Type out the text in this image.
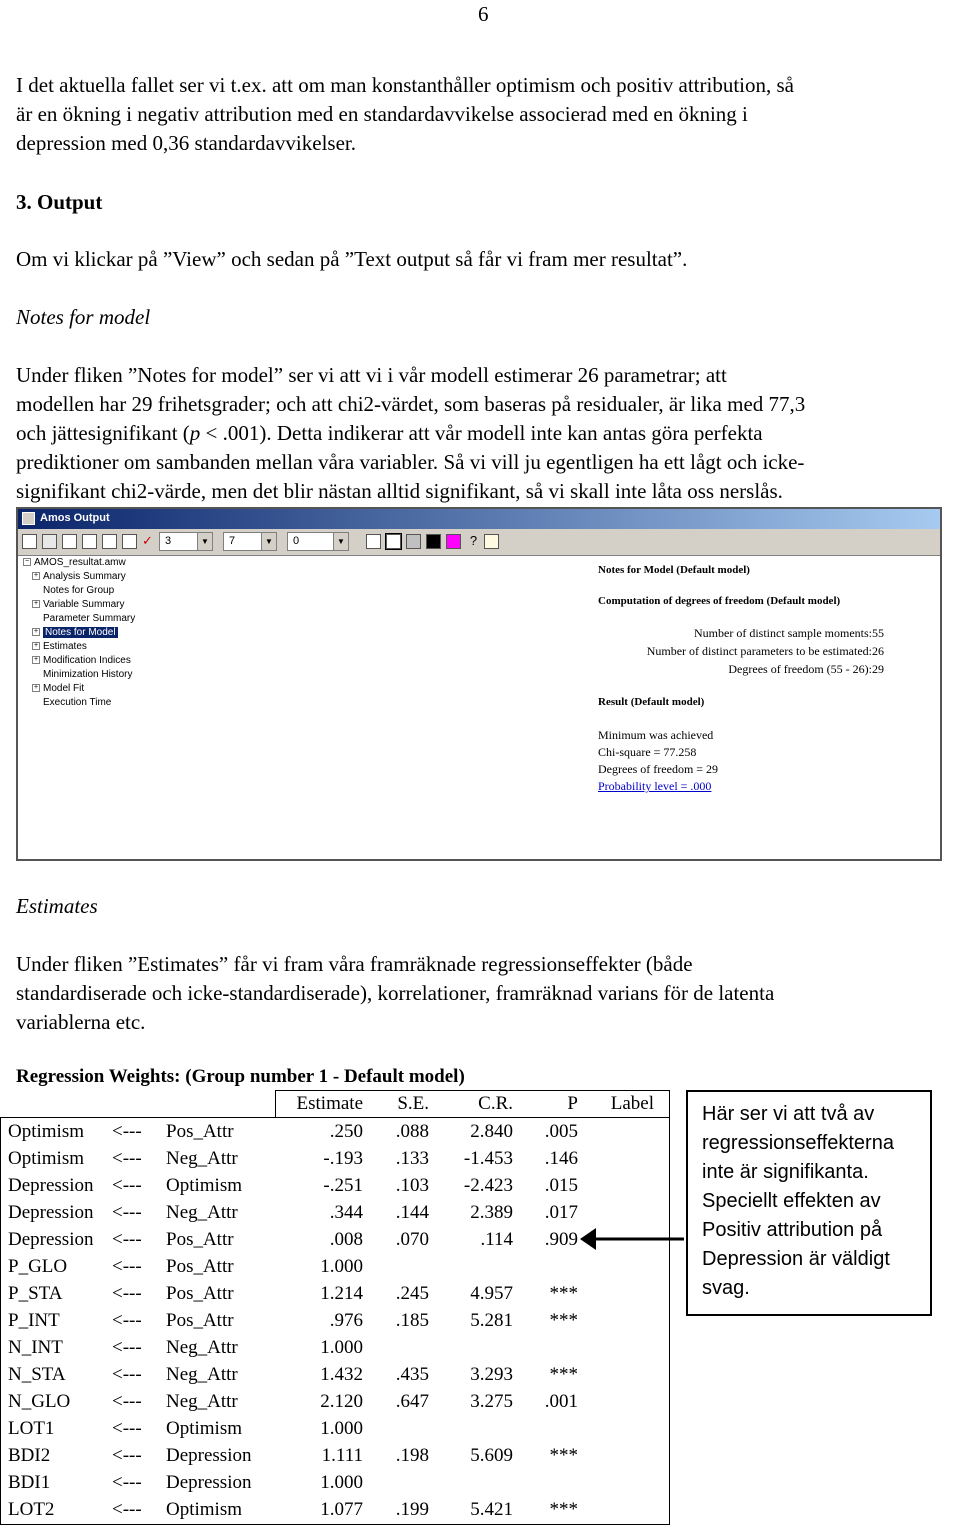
6
I det aktuella fallet ser vi t.ex. att om man konstanthåller optimism och positiv attribution, så
är en ökning i negativ attribution med en standardavvikelse associerad med en ökning i
depression med 0,36 standardavvikelser.
3. Output
Om vi klickar på ”View” och sedan på ”Text output så får vi fram mer resultat”.
Notes for model
Under fliken ”Notes for model” ser vi att vi i vår modell estimerar 26 parametrar; att
modellen har 29 frihetsgrader; och att chi2-värdet, som baseras på residualer, är lika med 77,3
och jättesignifikant (p < .001). Detta indikerar att vår modell inte kan antas göra perfekta
prediktioner om sambanden mellan våra variabler. Så vi vill ju egentligen ha ett lågt och icke-
signifikant chi2-värde, men det blir nästan alltid signifikant, så vi skall inte låta oss nerslås.
Amos Output
✓	3	▼	7	▼	0	▼	?
− AMOS_resultat.amw
+ Analysis Summary
Notes for Group
+ Variable Summary
Parameter Summary
+ Notes for Model
+ Estimates
+ Modification Indices
Minimization History
+ Model Fit
Execution Time
Notes for Model (Default model)
Computation of degrees of freedom (Default model)
Number of distinct sample moments: 55
Number of distinct parameters to be estimated: 26
Degrees of freedom (55 - 26): 29
Result (Default model)
Minimum was achieved
Chi-square = 77.258
Degrees of freedom = 29
Probability level = .000
Estimates
Under fliken ”Estimates” får vi fram våra framräknade regressionseffekter (både
standardiserade och icke-standardiserade), korrelationer, framräknad varians för de latenta
variablerna etc.
Regression Weights: (Group number 1 - Default model)
Estimate S.E.	C.R.	P Label
Optimism <--- Pos_Attr	.250 .088 2.840 .005
Optimism <--- Neg_Attr	-.193 .133 -1.453 .146
Depression <--- Optimism	-.251 .103 -2.423 .015
Depression <--- Neg_Attr	.344 .144 2.389 .017
Depression <--- Pos_Attr	.008 .070	.114 .909
P_GLO <--- Pos_Attr	1.000
P_STA	<--- Pos_Attr	1.214 .245 4.957 ***
P_INT	<--- Pos_Attr	.976 .185 5.281 ***
N_INT	<--- Neg_Attr	1.000
N_STA <--- Neg_Attr	1.432 .435 3.293 ***
N_GLO <--- Neg_Attr	2.120 .647 3.275 .001
LOT1	<--- Optimism	1.000
BDI2	<--- Depression	1.111 .198 5.609 ***
BDI1	<--- Depression	1.000
LOT2	<--- Optimism	1.077 .199 5.421 ***
Här ser vi att två av
regressionseffekterna
inte är signifikanta.
Speciellt effekten av
Positiv attribution på
Depression är väldigt
svag.
